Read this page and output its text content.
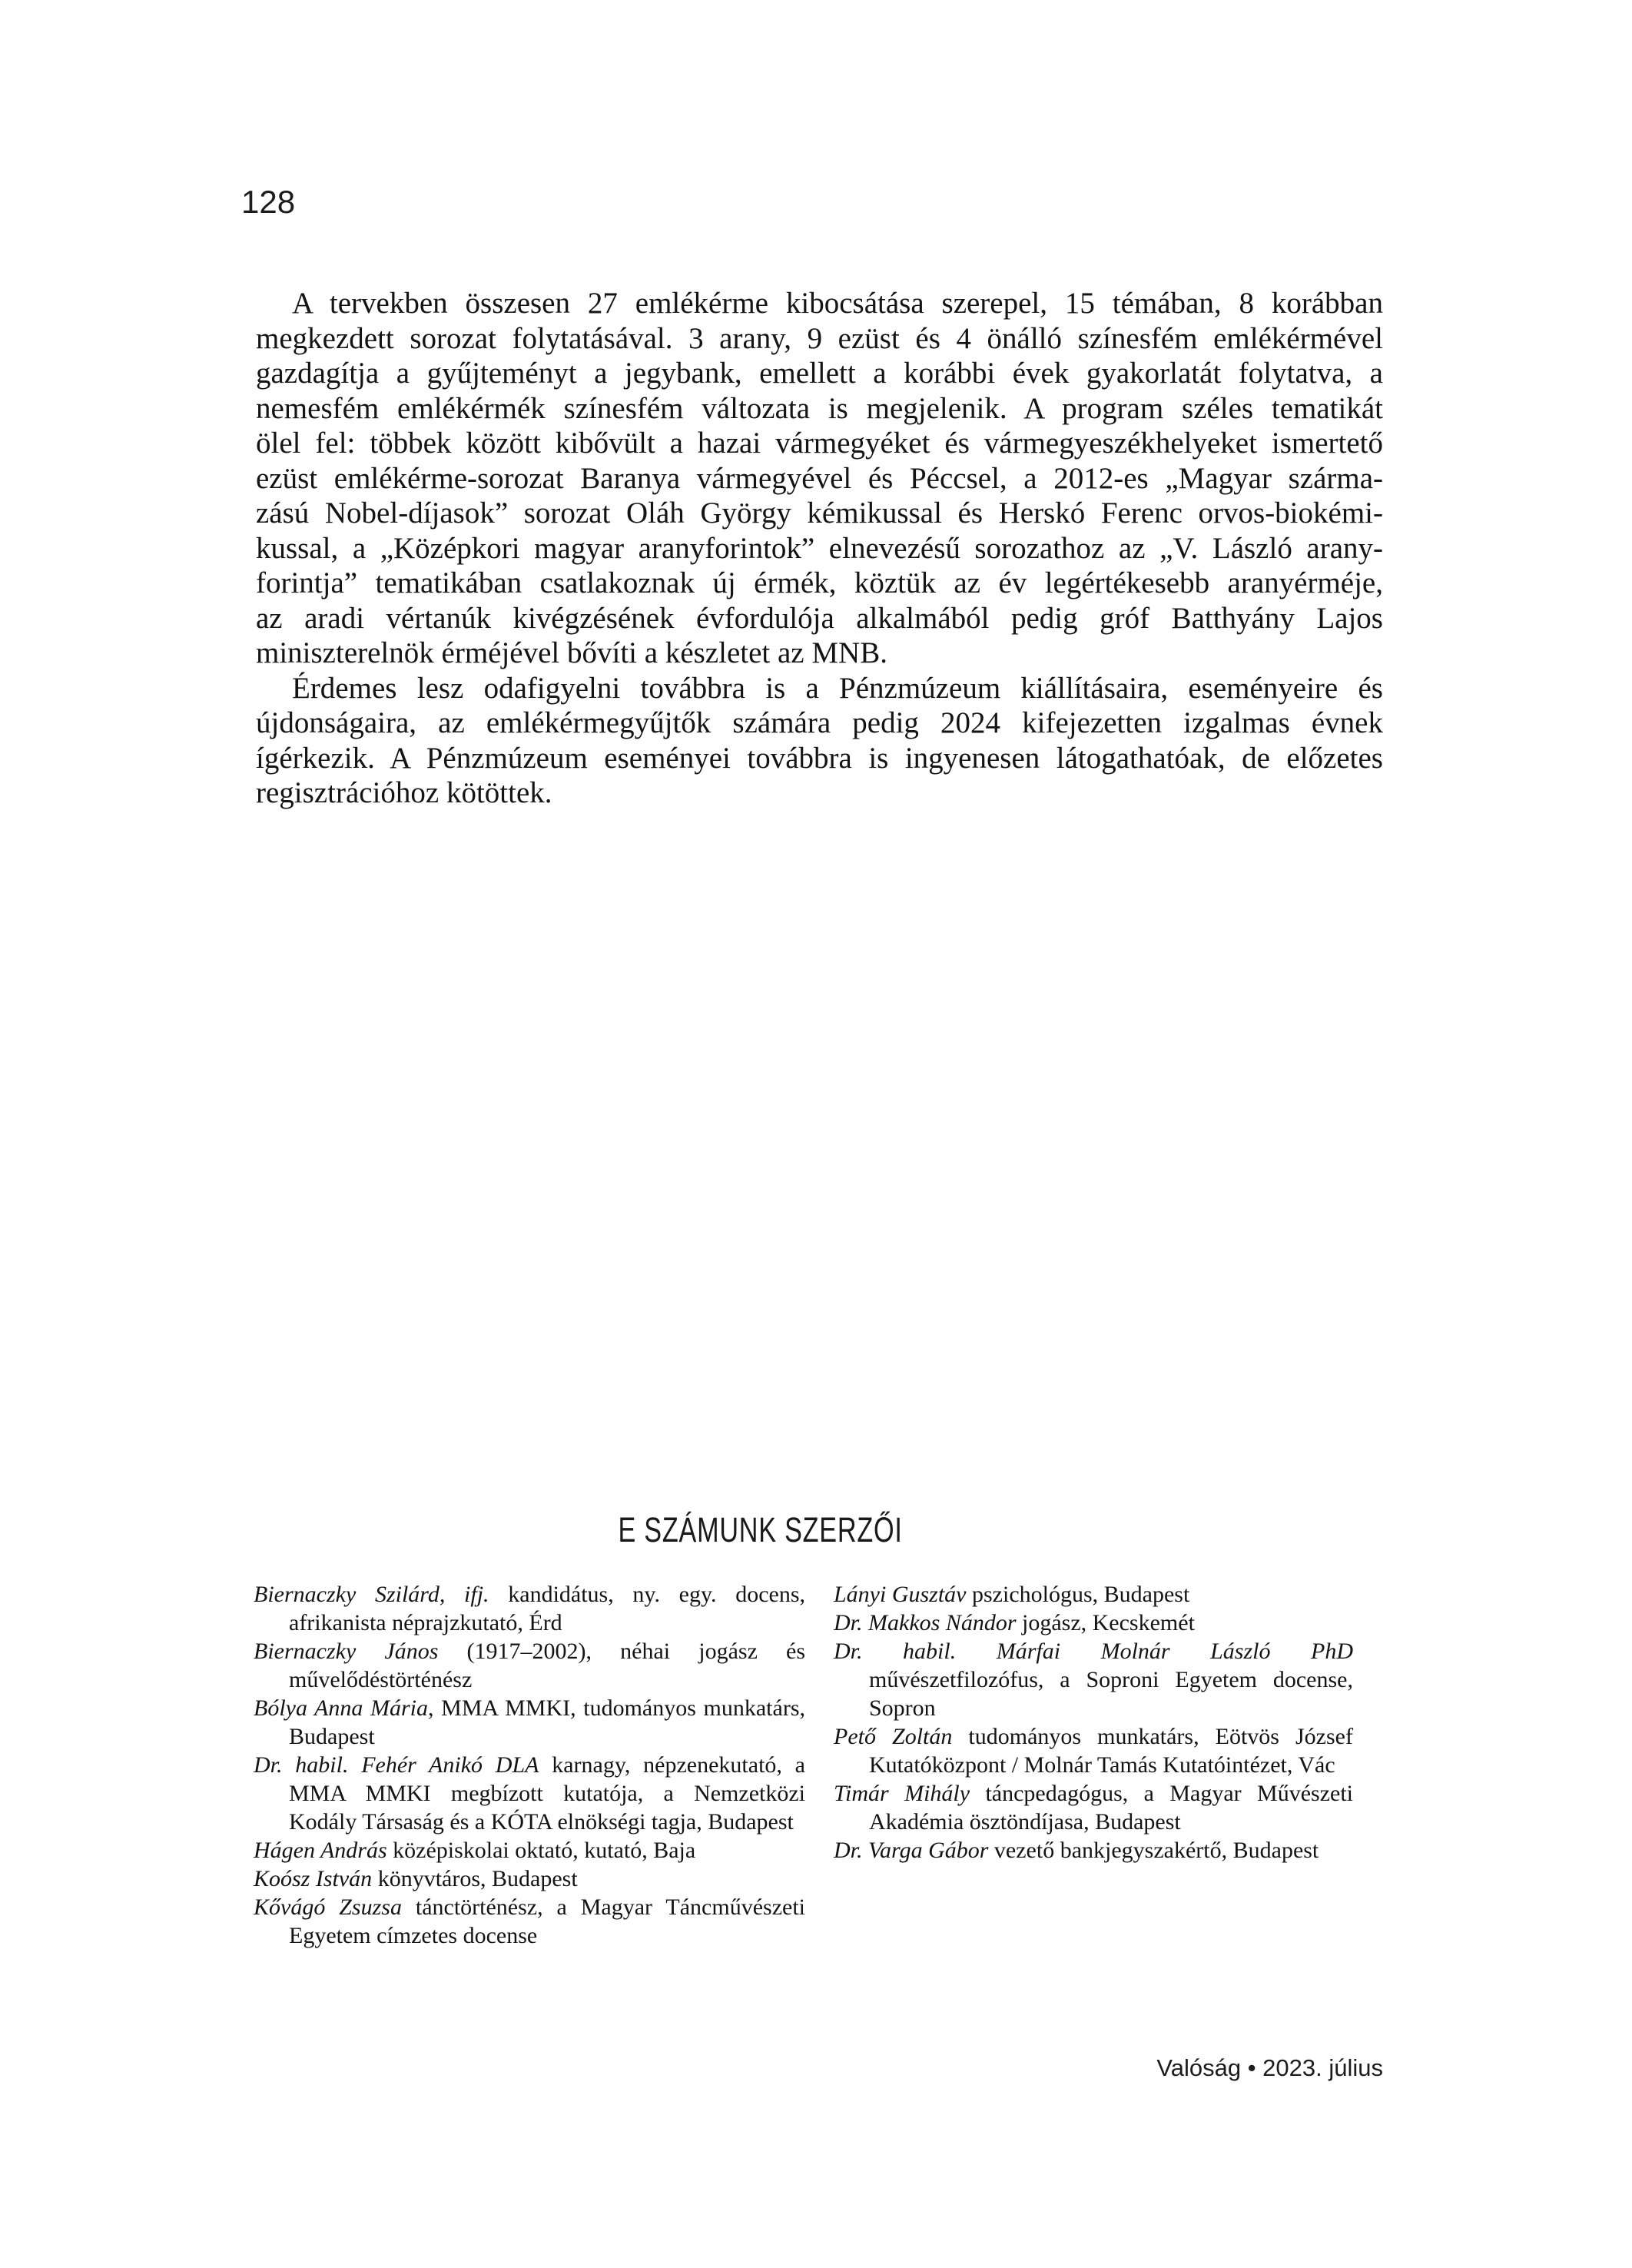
128
A tervekben összesen 27 emlékérme kibocsátása szerepel, 15 témában, 8 korábban
megkezdett sorozat folytatásával. 3 arany, 9 ezüst és 4 önálló színesfém emlékérmével
gazdagítja a gyűjteményt a jegybank, emellett a korábbi évek gyakorlatát folytatva, a
nemesfém emlékérmék színesfém változata is megjelenik. A program széles tematikát
ölel fel: többek között kibővült a hazai vármegyéket és vármegyeszékhelyeket ismertető
ezüst emlékérme-sorozat Baranya vármegyével és Péccsel, a 2012-es „Magyar szárma-
zású Nobel-díjasok” sorozat Oláh György kémikussal és Herskó Ferenc orvos-biokémi-
kussal, a „Középkori magyar aranyforintok” elnevezésű sorozathoz az „V. László arany-
forintja” tematikában csatlakoznak új érmék, köztük az év legértékesebb aranyérméje,
az aradi vértanúk kivégzésének évfordulója alkalmából pedig gróf Batthyány Lajos
miniszterelnök érméjével bővíti a készletet az MNB.
Érdemes lesz odafigyelni továbbra is a Pénzmúzeum kiállításaira, eseményeire és
újdonságaira, az emlékérmegyűjtők számára pedig 2024 kifejezetten izgalmas évnek
ígérkezik. A Pénzmúzeum eseményei továbbra is ingyenesen látogathatóak, de előzetes
regisztrációhoz kötöttek.
E SZÁMUNK SZERZŐI
Biernaczky Szilárd, ifj. kandidátus, ny. egy. docens, afrikanista néprajzkutató, Érd
Biernaczky János (1917–2002), néhai jogász és művelődéstörténész
Bólya Anna Mária, MMA MMKI, tudományos munkatárs, Budapest
Dr. habil. Fehér Anikó DLA karnagy, népzenekutató, a MMA MMKI megbízott kutatója, a Nemzetközi Kodály Társaság és a KÓTA elnökségi tagja, Budapest
Hágen András középiskolai oktató, kutató, Baja
Koósz István könyvtáros, Budapest
Kővágó Zsuzsa tánctörténész, a Magyar Táncművészeti Egyetem címzetes docense
Lányi Gusztáv pszichológus, Budapest
Dr. Makkos Nándor jogász, Kecskemét
Dr. habil. Márfai Molnár László PhD művészetfilozófus, a Soproni Egyetem docense, Sopron
Pető Zoltán tudományos munkatárs, Eötvös József Kutatóközpont / Molnár Tamás Kutatóintézet, Vác
Timár Mihály táncpedagógus, a Magyar Művészeti Akadémia ösztöndíjasa, Budapest
Dr. Varga Gábor vezető bankjegyszakértő, Budapest
Valóság • 2023. július
